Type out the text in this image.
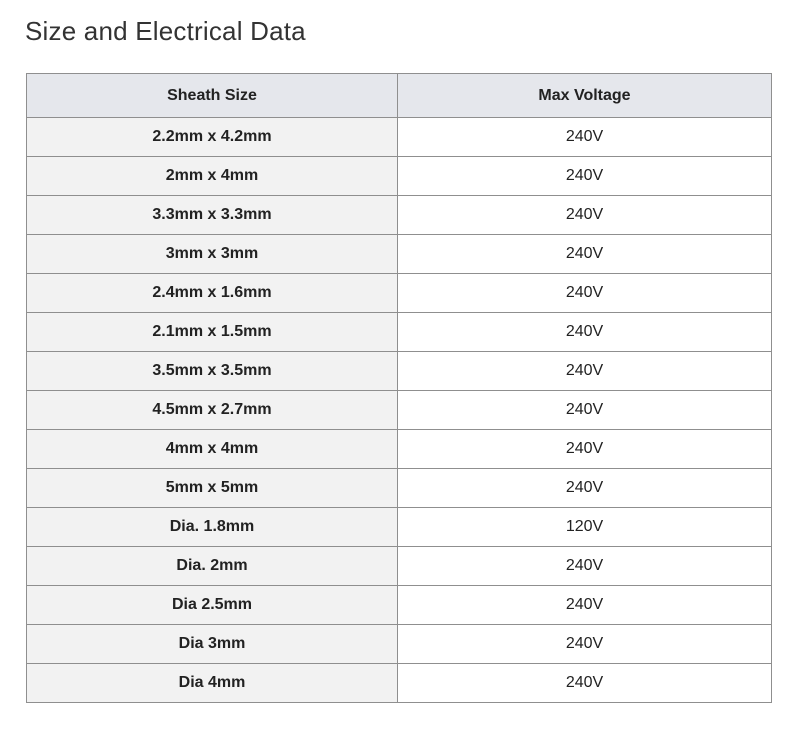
Size and Electrical Data
Sheath Size	Max Voltage
2.2mm x 4.2mm	240V
2mm x 4mm	240V
3.3mm x 3.3mm	240V
3mm x 3mm	240V
2.4mm x 1.6mm	240V
2.1mm x 1.5mm	240V
3.5mm x 3.5mm	240V
4.5mm x 2.7mm	240V
4mm x 4mm	240V
5mm x 5mm	240V
Dia. 1.8mm	120V
Dia. 2mm	240V
Dia 2.5mm	240V
Dia 3mm	240V
Dia 4mm	240V
